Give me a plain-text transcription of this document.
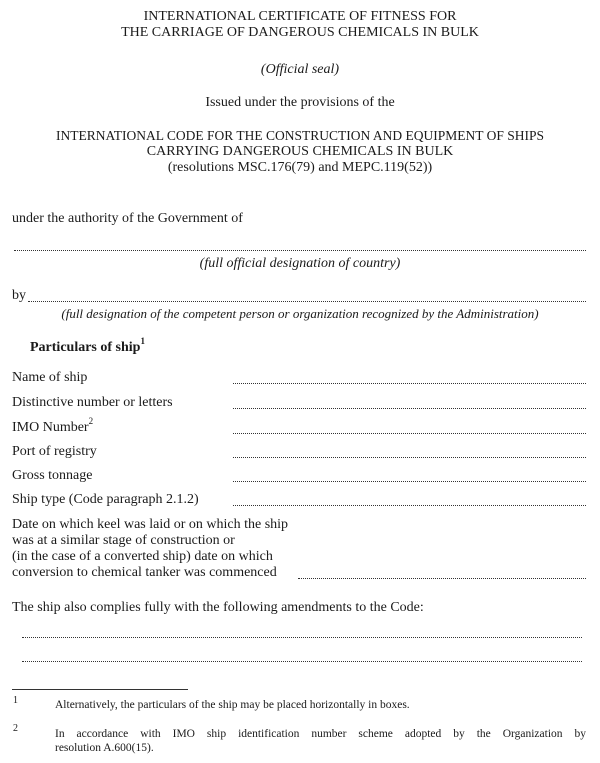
INTERNATIONAL CERTIFICATE OF FITNESS FOR
THE CARRIAGE OF DANGEROUS CHEMICALS IN BULK
(Official seal)
Issued under the provisions of the
INTERNATIONAL CODE FOR THE CONSTRUCTION AND EQUIPMENT OF SHIPS
CARRYING DANGEROUS CHEMICALS IN BULK
(resolutions MSC.176(79) and MEPC.119(52))
under the authority of the Government of
(full official designation of country)
by
(full designation of the competent person or organization recognized by the Administration)
Particulars of ship$^1$
Name of ship
Distinctive number or letters
IMO Number$^2$
Port of registry
Gross tonnage
Ship type (Code paragraph 2.1.2)
Date on which keel was laid or on which the ship
was at a similar stage of construction or
(in the case of a converted ship) date on which
conversion to chemical tanker was commenced
The ship also complies fully with the following amendments to the Code:
1	Alternatively, the particulars of the ship may be placed horizontally in boxes.
2	In accordance with IMO ship identification number scheme adopted by the Organization by
resolution A.600(15).
